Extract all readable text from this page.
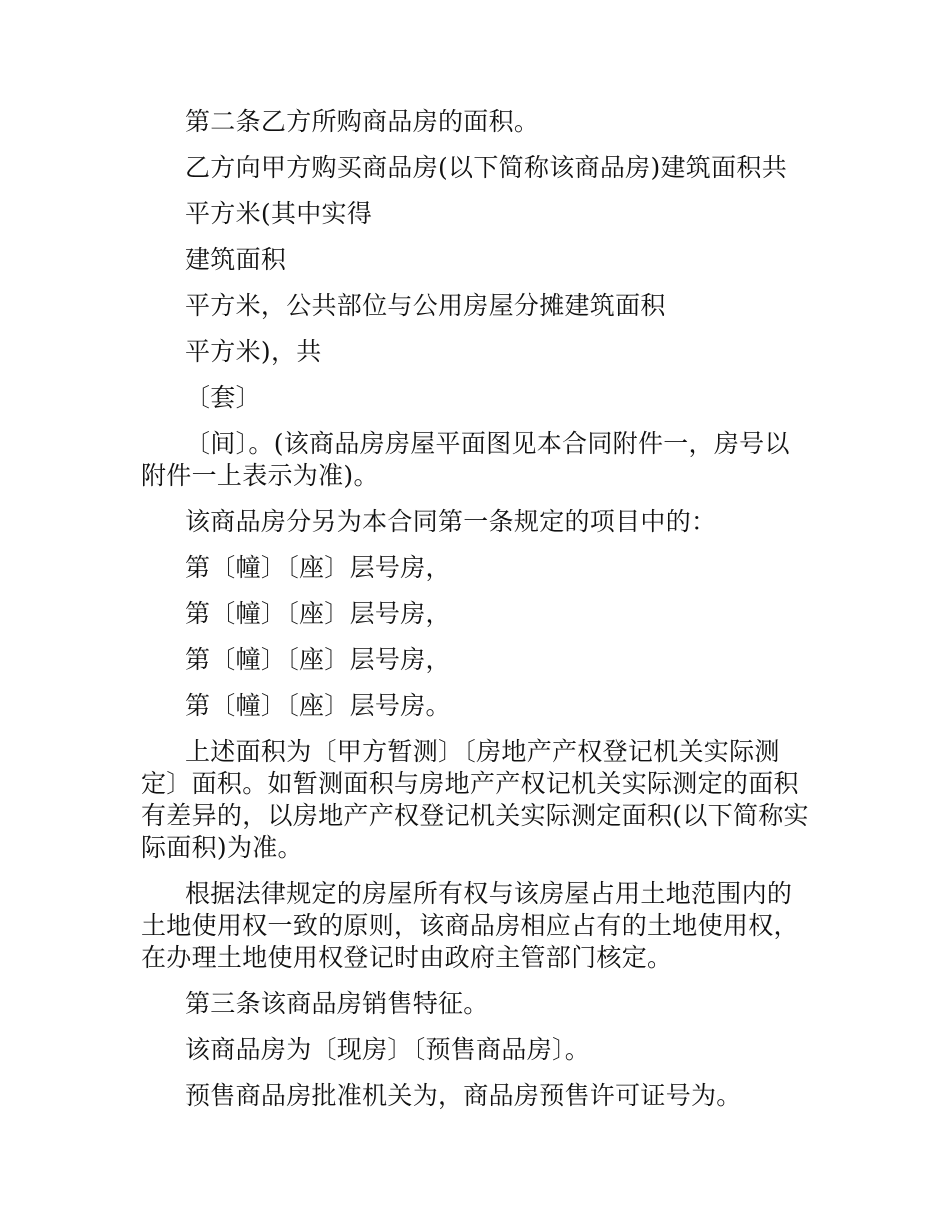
第二条乙方所购商品房的面积。

乙方向甲方购买商品房(以下简称该商品房)建筑面积共

平方米(其中实得

建筑面积

平方米，公共部位与公用房屋分摊建筑面积

平方米)，共

〔套〕

〔间〕。(该商品房房屋平面图见本合同附件一，房号以附件一上表示为准)。

该商品房分另为本合同第一条规定的项目中的：

第〔幢〕〔座〕层号房，

第〔幢〕〔座〕层号房，

第〔幢〕〔座〕层号房，

第〔幢〕〔座〕层号房。

上述面积为〔甲方暂测〕〔房地产产权登记机关实际测定〕面积。如暂测面积与房地产产权记机关实际测定的面积有差异的，以房地产产权登记机关实际测定面积(以下简称实际面积)为准。

根据法律规定的房屋所有权与该房屋占用土地范围内的土地使用权一致的原则，该商品房相应占有的土地使用权，在办理土地使用权登记时由政府主管部门核定。

第三条该商品房销售特征。

该商品房为〔现房〕〔预售商品房〕。

预售商品房批准机关为，商品房预售许可证号为。
